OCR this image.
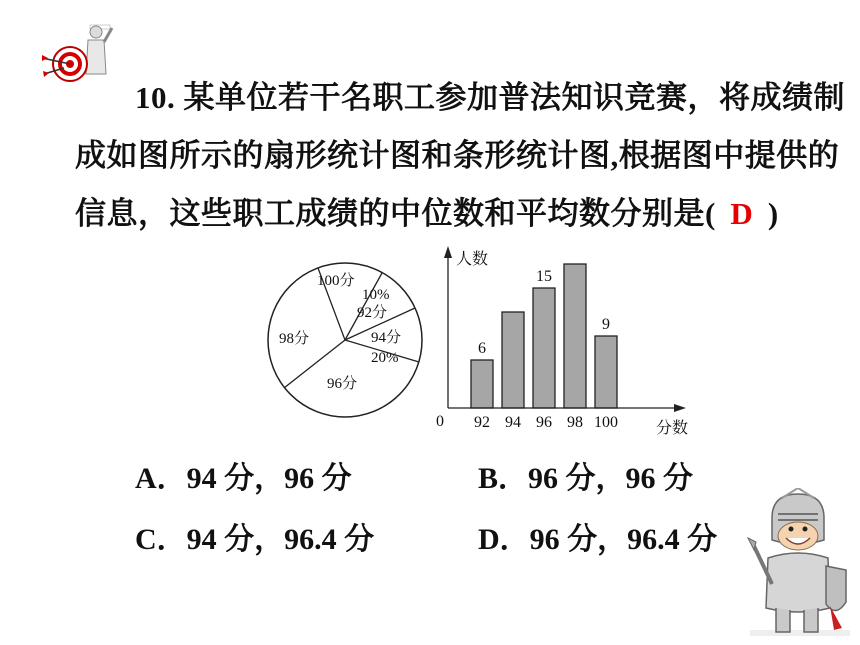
10. 某单位若干名职工参加普法知识竞赛，将成绩制
成如图所示的扇形统计图和条形统计图,根据图中提供的
信息，这些职工成绩的中位数和平均数分别是( D )
100分
10%
92分
94分
20%
96分
98分
人数
分数
0 92 94 96 98 100
6
15
9
A．94 分，96 分	B．96 分，96 分
C．94 分，96.4 分	D．96 分，96.4 分
